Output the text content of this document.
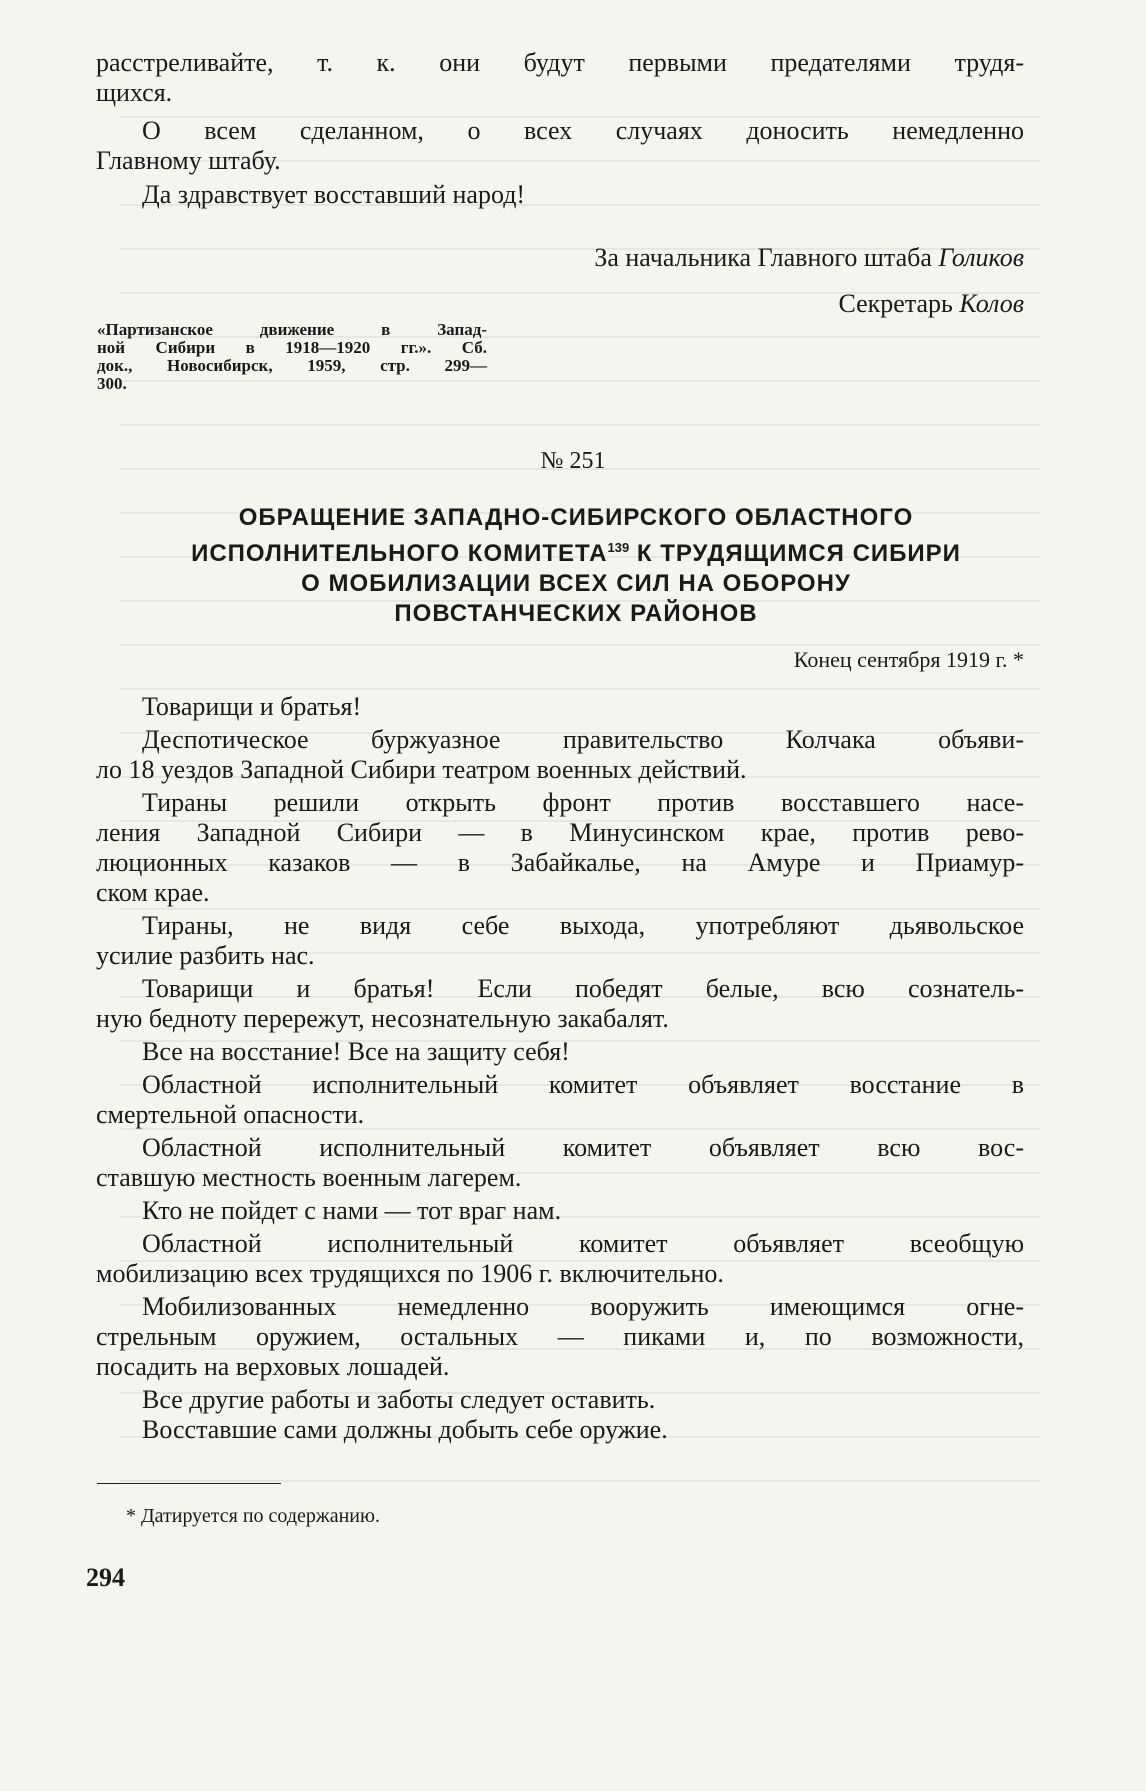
расстреливайте, т. к. они будут первыми предателями трудя-

щихся.

О всем сделанном, о всех случаях доносить немедленно

Главному штабу.

Да здравствует восставший народ!

За начальника Главного штаба Голиков
Секретарь Колов
«Партизанское движение в Запад-
ной Сибири в 1918—1920 гг.». Сб.
док., Новосибирск, 1959, стр. 299—
300.
№ 251
ОБРАЩЕНИЕ ЗАПАДНО-СИБИРСКОГО ОБЛАСТНОГО
ИСПОЛНИТЕЛЬНОГО КОМИТЕТА$^{139}$ К ТРУДЯЩИМСЯ СИБИРИ
О МОБИЛИЗАЦИИ ВСЕХ СИЛ НА ОБОРОНУ
ПОВСТАНЧЕСКИХ РАЙОНОВ
Конец сентября 1919 г. *

Товарищи и братья!

Деспотическое буржуазное правительство Колчака объяви-

ло 18 уездов Западной Сибири театром военных действий.

Тираны решили открыть фронт против восставшего насе-

ления Западной Сибири — в Минусинском крае, против рево-

люционных казаков — в Забайкалье, на Амуре и Приамур-

ском крае.

Тираны, не видя себе выхода, употребляют дьявольское

усилие разбить нас.

Товарищи и братья! Если победят белые, всю сознатель-

ную бедноту перережут, несознательную закабалят.

Все на восстание! Все на защиту себя!

Областной исполнительный комитет объявляет восстание в

смертельной опасности.

Областной исполнительный комитет объявляет всю вос-

ставшую местность военным лагерем.

Кто не пойдет с нами — тот враг нам.

Областной исполнительный комитет объявляет всеобщую

мобилизацию всех трудящихся по 1906 г. включительно.

Мобилизованных немедленно вооружить имеющимся огне-

стрельным оружием, остальных — пиками и, по возможности,

посадить на верховых лошадей.

Все другие работы и заботы следует оставить.

Восставшие сами должны добыть себе оружие.

* Датируется по содержанию.
294
